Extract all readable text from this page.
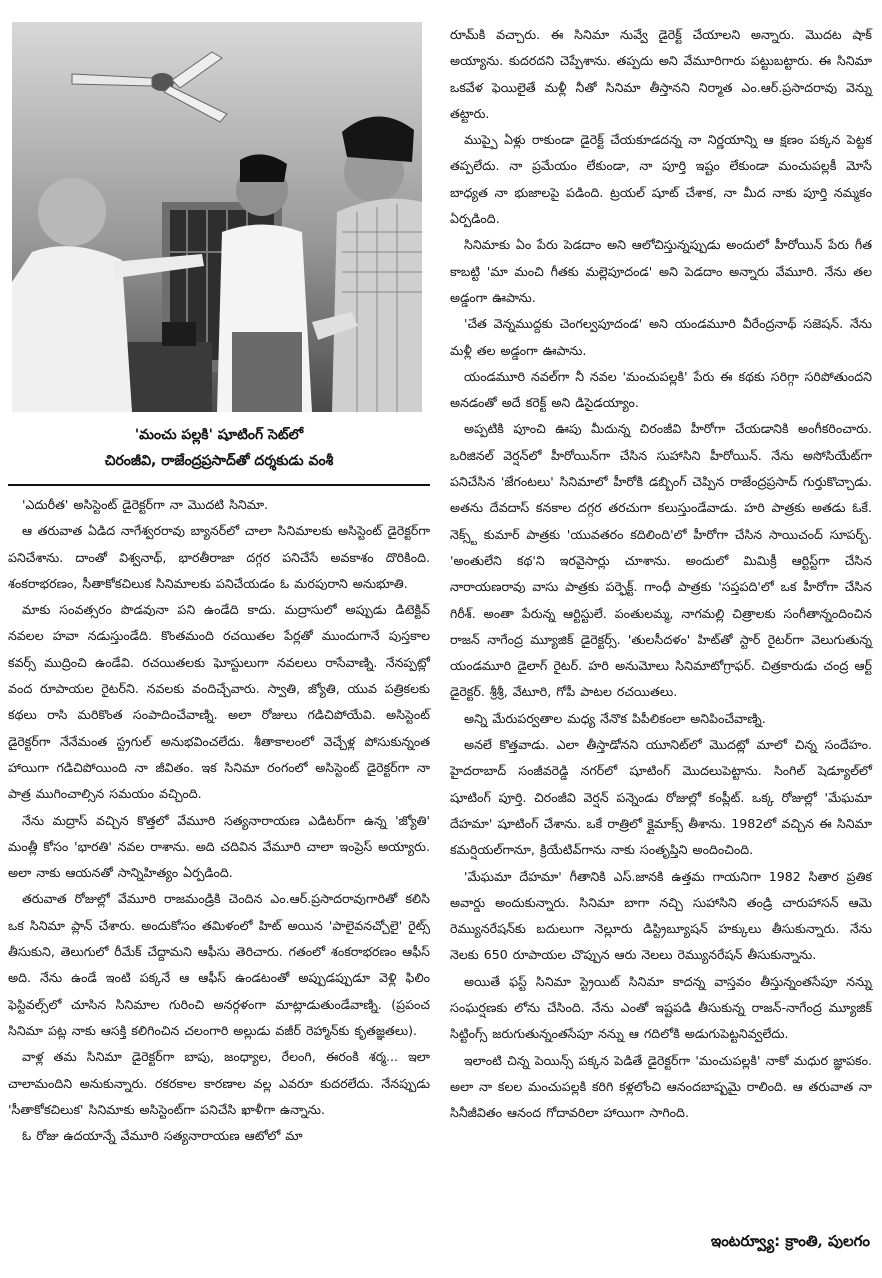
'మంచు పల్లకి' షూటింగ్ సెట్‌లో

చిరంజీవి, రాజేంద్రప్రసాద్‌తో దర్శకుడు వంశీ

'ఎదురీత' అసిస్టెంట్ డైరెక్టర్‌గా నా మొదటి సినిమా.

ఆ తరువాత ఏడిద నాగేశ్వరరావు బ్యానర్‌లో చాలా సినిమాలకు అసిస్టెంట్ డైరెక్టర్‌గా పనిచేశాను. దాంతో విశ్వనాథ్, భారతీరాజా దగ్గర పనిచేసే అవకాశం దొరికింది. శంకరాభరణం, సీతాకోకచిలుక సినిమాలకు పనిచేయడం ఓ మరపురాని అనుభూతి.

మాకు సంవత్సరం పొడవునా పని ఉండేది కాదు. మద్రాసులో అప్పుడు డిటెక్టివ్ నవలల హవా నడుస్తుండేది. కొంతమంది రచయితల పేర్లతో ముందుగానే పుస్తకాల కవర్స్ ముద్రించి ఉండేవి. రచయితలకు ఘోస్టులుగా నవలలు రాసేవాణ్ని. నేనప్పట్లో వంద రూపాయల రైటర్‌ని. నవలకు వందిచ్చేవారు. స్వాతి, జ్యోతి, యువ పత్రికలకు కథలు రాసి మరికొంత సంపాదించేవాణ్ని. అలా రోజులు గడిచిపోయేవి. అసిస్టెంట్ డైరెక్టర్‌గా నేనేమంత స్ట్రగుల్ అనుభవించలేదు. శీతాకాలంలో వెచ్చేళ్ల పోసుకున్నంత హాయిగా గడిచిపోయింది నా జీవితం. ఇక సినిమా రంగంలో అసిస్టెంట్ డైరెక్టర్‌గా నా పాత్ర ముగించాల్సిన సమయం వచ్చింది.

నేను మద్రాస్ వచ్చిన కొత్తలో వేమూరి సత్యనారాయణ ఎడిటర్‌గా ఉన్న 'జ్యోతి' మంత్లీ కోసం 'భారతి' నవల రాశాను. అది చదివిన వేమూరి చాలా ఇంప్రెస్ అయ్యారు. అలా నాకు ఆయనతో సాన్నిహిత్యం ఏర్పడింది.

తరువాత రోజుల్లో వేమూరి రాజమండ్రికి చెందిన ఎం.ఆర్.ప్రసాదరావుగారితో కలిసి ఒక సినిమా ప్లాన్ చేశారు. అందుకోసం తమిళంలో హిట్ అయిన 'పాలైవనచ్చోలై' రైట్స్ తీసుకుని, తెలుగులో రీమేక్ చేద్దామని ఆఫీసు తెరిచారు. గతంలో శంకరాభరణం ఆఫీస్ అది. నేను ఉండే ఇంటి పక్కనే ఆ ఆఫీస్ ఉండటంతో అప్పుడప్పుడూ వెళ్లి ఫిలిం ఫెస్టివల్స్‌లో చూసిన సినిమాల గురించి అనర్గళంగా మాట్లాడుతుండేవాణ్ని. (ప్రపంచ సినిమా పట్ల నాకు ఆసక్తి కలిగించిన చలంగారి అల్లుడు వజీర్ రెహ్మాన్‌కు కృతజ్ఞతలు).

వాళ్ల తమ సినిమా డైరెక్టర్‌గా బాపు, జంధ్యాల, రేలంగి, ఈరంకి శర్మ... ఇలా చాలామందిని అనుకున్నారు. రకరకాల కారణాల వల్ల ఎవరూ కుదరలేదు. నేనప్పుడు 'సీతాకోకచిలుక' సినిమాకు అసిస్టెంట్‌గా పనిచేసి ఖాళీగా ఉన్నాను.

ఓ రోజు ఉదయాన్నే వేమూరి సత్యనారాయణ ఆటోలో మా

రూమ్‌కి వచ్చారు. ఈ సినిమా నువ్వే డైరెక్ట్ చేయాలని అన్నారు. మొదట షాక్ అయ్యాను. కుదరదని చెప్పేశాను. తప్పదు అని వేమూరిగారు పట్టుబట్టారు. ఈ సినిమా ఒకవేళ ఫెయిలైతే మళ్లీ నీతో సినిమా తీస్తానని నిర్మాత ఎం.ఆర్.ప్రసాదరావు వెన్ను తట్టారు.

ముప్పై ఏళ్లు రాకుండా డైరెక్ట్ చేయకూడదన్న నా నిర్ణయాన్ని ఆ క్షణం పక్కన పెట్టక తప్పలేదు. నా ప్రమేయం లేకుండా, నా పూర్తి ఇష్టం లేకుండా మంచుపల్లకీ మోసే బాధ్యత నా భుజాలపై పడింది. ట్రయల్ షూట్ చేశాక, నా మీద నాకు పూర్తి నమ్మకం ఏర్పడింది.

సినిమాకు ఏం పేరు పెడదాం అని ఆలోచిస్తున్నప్పుడు అందులో హీరోయిన్ పేరు గీత కాబట్టి 'మా మంచి గీతకు మల్లెపూదండ' అని పెడదాం అన్నారు వేమూరి. నేను తల అడ్డంగా ఊపాను.

'చేత వెన్నముద్దకు చెంగల్వపూదండ' అని యండమూరి వీరేంద్రనాథ్ సజెషన్. నేను మళ్లీ తల అడ్డంగా ఊపాను.

యండమూరి నవల్‌గా నీ నవల 'మంచుపల్లకి' పేరు ఈ కథకు సరిగ్గా సరిపోతుందని అనడంతో అదే కరెక్ట్ అని డిసైడయ్యాం.

అప్పటికి పూంచి ఊపు మీదున్న చిరంజీవి హీరోగా చేయడానికి అంగీకరించారు. ఒరిజినల్ వెర్షన్‌లో హీరోయిన్‌గా చేసిన సుహాసిని హీరోయిన్. నేను అసోసియేట్‌గా పనిచేసిన 'జేగంటలు' సినిమాలో హీరోకి డబ్బింగ్ చెప్పిన రాజేంద్రప్రసాద్ గుర్తుకొచ్చాడు. అతను దేవదాస్ కనకాల దగ్గర తరచుగా కలుస్తుండేవాడు. హరి పాత్రకు అతడు ఓకే. నెక్స్ట్ కుమార్ పాత్రకు 'యువతరం కదిలింది'లో హీరోగా చేసిన సాయిచంద్ సూపర్బ్. 'అంతులేని కథ'ని ఇరవైసార్లు చూశాను. అందులో మిమిక్రీ ఆర్టిస్ట్‌గా చేసిన నారాయణరావు వాసు పాత్రకు పర్ఫెక్ట్. గాంధీ పాత్రకు 'సప్తపది'లో ఒక హీరోగా చేసిన గిరీశ్. అంతా పేరున్న ఆర్టిస్టులే. పంతులమ్మ, నాగమల్లి చిత్రాలకు సంగీతాన్నందించిన రాజన్ నాగేంద్ర మ్యూజిక్ డైరెక్టర్స్. 'తులసీదళం' హిట్‌తో స్టార్ రైటర్‌గా వెలుగుతున్న యండమూరి డైలాగ్ రైటర్. హరి అనుమోలు సినిమాటోగ్రాఫర్. చిత్రకారుడు చంద్ర ఆర్ట్ డైరెక్టర్. శ్రీశ్రీ, వేటూరి, గోపీ పాటల రచయితలు.

అన్ని మేరుపర్వతాల మధ్య నేనొక పిపీలికంలా అనిపించేవాణ్ని.

అనలే కొత్తవాడు. ఎలా తీస్తాడోనని యూనిట్‌లో మొదట్లో మాలో చిన్న సందేహం. హైదరాబాద్ సంజీవరెడ్డి నగర్‌లో షూటింగ్ మొదలుపెట్టాను. సింగిల్ షెడ్యూల్‌లో షూటింగ్ పూర్తి. చిరంజీవి వెర్షన్ పన్నెండు రోజుల్లో కంప్లీట్. ఒక్క రోజుల్లో 'మేఘమా దేహమా' షూటింగ్ చేశాను. ఒకే రాత్రిలో క్లైమాక్స్ తీశాను. 1982లో వచ్చిన ఈ సినిమా కమర్షియల్‌గానూ, క్రియేటివ్‌గాను నాకు సంతృప్తిని అందించింది.

'మేఘమా దేహమా' గీతానికి ఎస్.జానకి ఉత్తమ గాయనిగా 1982 సితార ప్రతిక అవార్డు అందుకున్నారు. సినిమా బాగా నచ్చి సుహాసిని తండ్రి చారుహాసన్ ఆమె రెమ్యునరేషన్‌కు బదులుగా నెల్లూరు డిస్ట్రిబ్యూషన్ హక్కులు తీసుకున్నారు. నేను నెలకు 650 రూపాయల చొప్పున ఆరు నెలలు రెమ్యునరేషన్ తీసుకున్నాను.

అయితే ఫస్ట్ సినిమా స్ట్రెయిట్ సినిమా కాదన్న వాస్తవం తీస్తున్నంతసేపూ నన్ను సంఘర్షణకు లోను చేసింది. నేను ఎంతో ఇష్టపడి తీసుకున్న రాజన్-నాగేంద్ర మ్యూజిక్ సిట్టింగ్స్ జరుగుతున్నంతసేపూ నన్ను ఆ గదిలోకి అడుగుపెట్టనివ్వలేదు.

ఇలాంటి చిన్న పెయిన్స్ పక్కన పెడితే డైరెక్టర్‌గా 'మంచుపల్లకి' నాకో మధుర జ్ఞాపకం. అలా నా కలల మంచుపల్లకి కరిగి కళ్లలోంచి ఆనందబాష్పమై రాలింది. ఆ తరువాత నా సినీజీవితం ఆనంద గోదావరిలా హాయిగా సాగింది.

ఇంటర్వ్యూ: క్రాంతి, పులగం
